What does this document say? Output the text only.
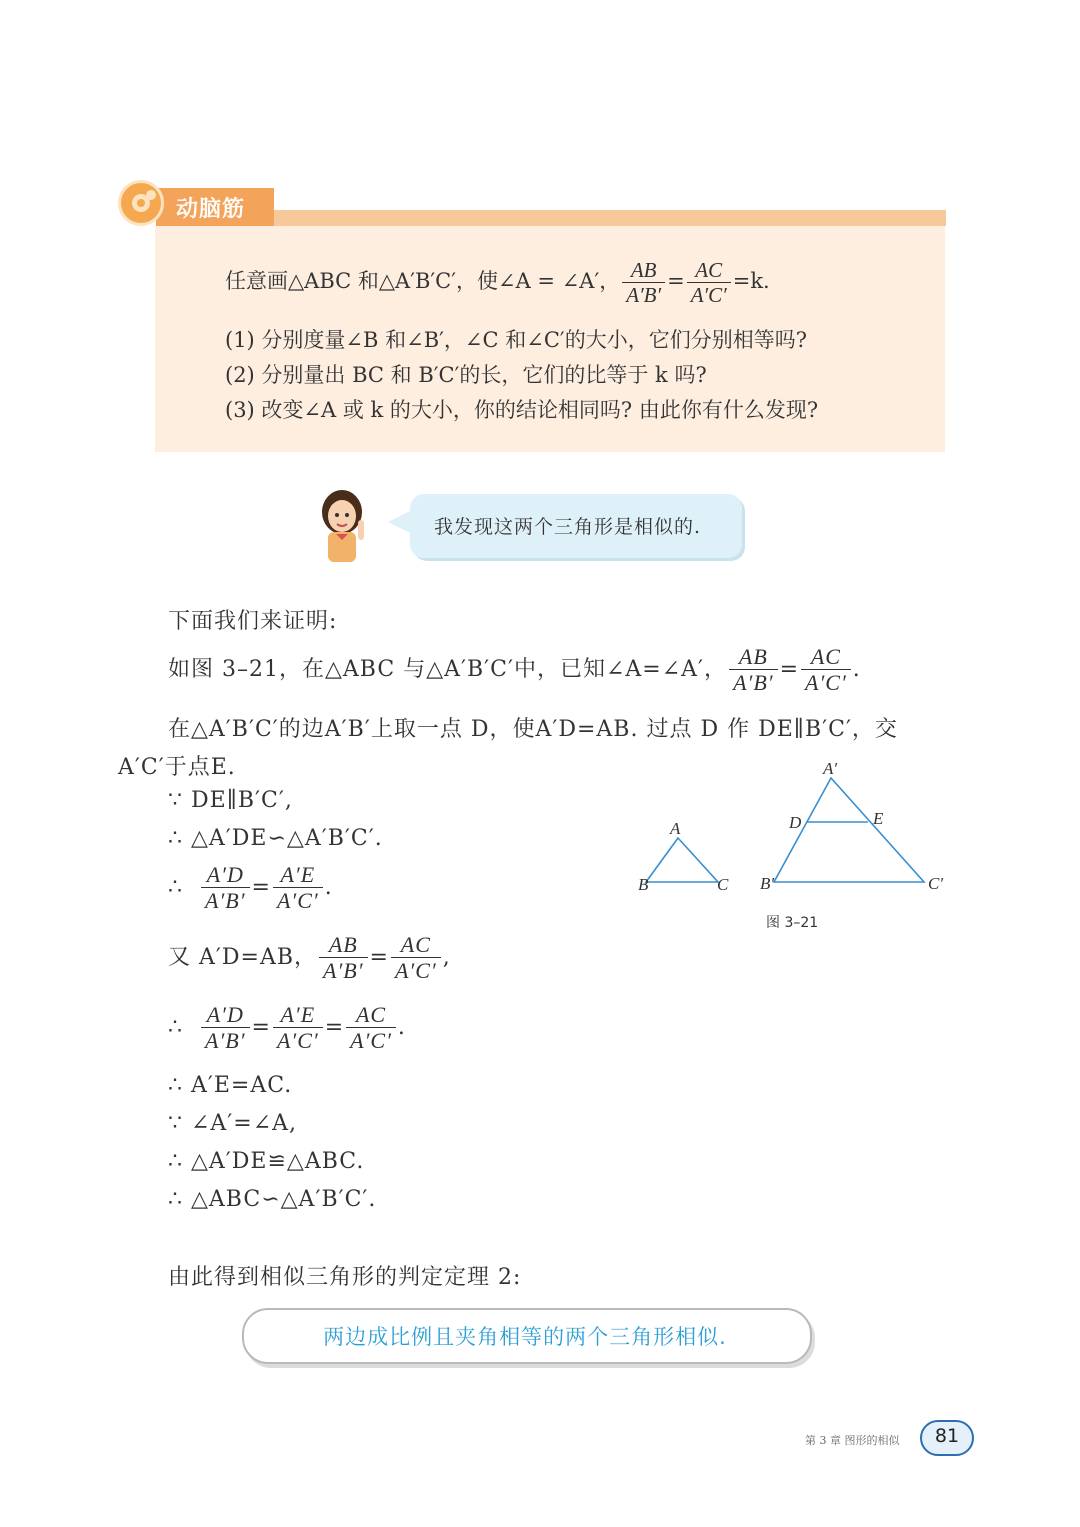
动脑筋
任意画△ABC 和△A′B′C′，使∠A = ∠A′， $\frac{AB}{A'B'} = \frac{AC}{A'C'} =k$.
(1) 分别度量∠B 和∠B′，∠C 和∠C′的大小，它们分别相等吗?
(2) 分别量出 BC 和 B′C′的长，它们的比等于 k 吗?
(3) 改变∠A 或 k 的大小，你的结论相同吗? 由此你有什么发现?
我发现这两个三角形是相似的.
下面我们来证明:
如图 3–21，在△ABC 与△A′B′C′中，已知∠A=∠A′， $\frac{AB}{A'B'} = \frac{AC}{A'C'}$ .
在△A′B′C′的边A′B′上取一点 D，使A′D=AB. 过点 D 作 DE∥B′C′，交
A′C′于点E.
∵ DE∥B′C′,
∴ △A′DE∽△A′B′C′.
∴ $\frac{A'D}{A'B'} = \frac{A'E}{A'C'}$ .
又 A′D=AB， $\frac{AB}{A'B'} = \frac{AC}{A'C'}$ ,
∴ $\frac{A'D}{A'B'} = \frac{A'E}{A'C'} = \frac{AC}{A'C'}$ .
∴ A′E=AC.
∵ ∠A′=∠A,
∴ △A′DE≌△ABC.
∴ △ABC∽△A′B′C′.
A
B	C
A′
B′	C′
D	E
图 3–21
由此得到相似三角形的判定定理 2:
两边成比例且夹角相等的两个三角形相似.
第 3 章 图形的相似	81
